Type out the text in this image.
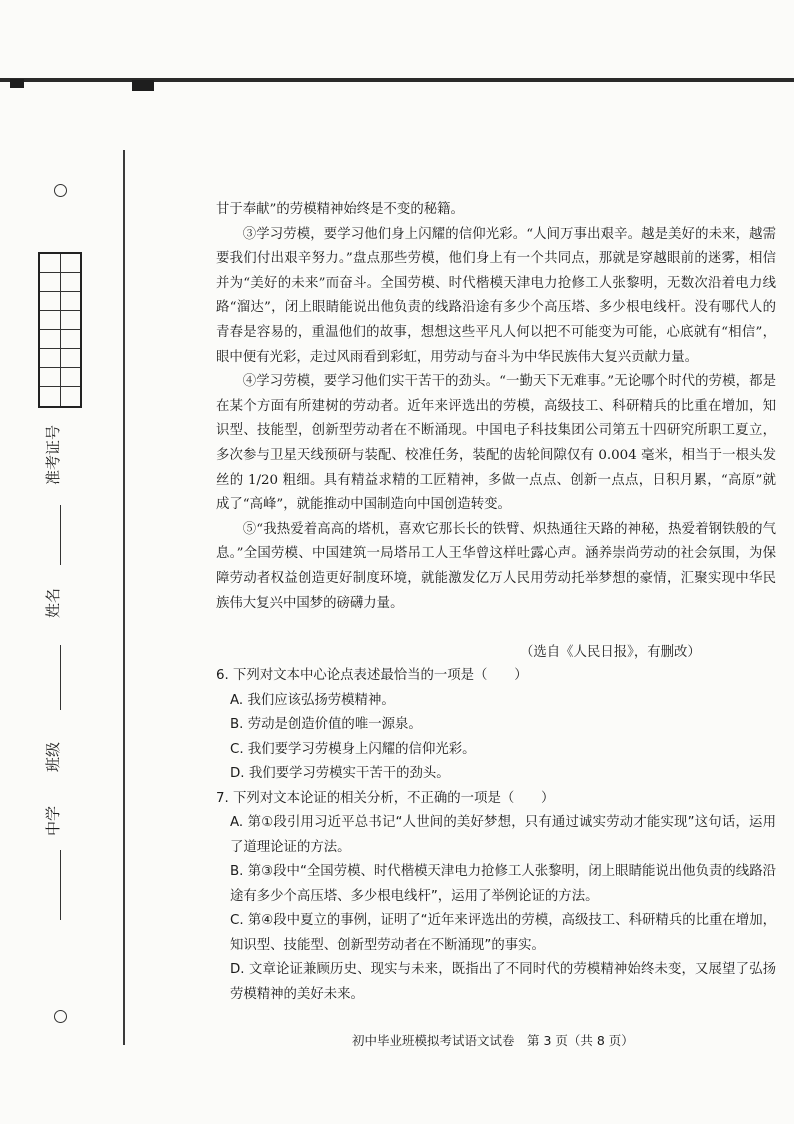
准考证号
姓名
班级
中学

甘于奉献”的劳模精神始终是不变的秘籍。

③学习劳模，要学习他们身上闪耀的信仰光彩。“人间万事出艰辛。越是美好的未来，越需要我们付出艰辛努力。”盘点那些劳模，他们身上有一个共同点，那就是穿越眼前的迷雾，相信并为“美好的未来”而奋斗。全国劳模、时代楷模天津电力抢修工人张黎明，无数次沿着电力线路“溜达”，闭上眼睛能说出他负责的线路沿途有多少个高压塔、多少根电线杆。没有哪代人的青春是容易的，重温他们的故事，想想这些平凡人何以把不可能变为可能，心底就有“相信”，眼中便有光彩，走过风雨看到彩虹，用劳动与奋斗为中华民族伟大复兴贡献力量。

④学习劳模，要学习他们实干苦干的劲头。“一勤天下无难事。”无论哪个时代的劳模，都是在某个方面有所建树的劳动者。近年来评选出的劳模，高级技工、科研精兵的比重在增加，知识型、技能型，创新型劳动者在不断涌现。中国电子科技集团公司第五十四研究所职工夏立，多次参与卫星天线预研与装配、校准任务，装配的齿轮间隙仅有 0.004 毫米，相当于一根头发丝的 1/20 粗细。具有精益求精的工匠精神，多做一点点、创新一点点，日积月累，“高原”就成了“高峰”，就能推动中国制造向中国创造转变。

⑤“我热爱着高高的塔机，喜欢它那长长的铁臂、炽热通往天路的神秘，热爱着钢铁般的气息。”全国劳模、中国建筑一局塔吊工人王华曾这样吐露心声。涵养崇尚劳动的社会氛围，为保障劳动者权益创造更好制度环境，就能激发亿万人民用劳动托举梦想的豪情，汇聚实现中华民族伟大复兴中国梦的磅礴力量。

（选自《人民日报》，有删改）
6. 下列对文本中心论点表述最恰当的一项是（　　）
A. 我们应该弘扬劳模精神。
B. 劳动是创造价值的唯一源泉。
C. 我们要学习劳模身上闪耀的信仰光彩。
D. 我们要学习劳模实干苦干的劲头。
7. 下列对文本论证的相关分析，不正确的一项是（　　）
A. 第①段引用习近平总书记“人世间的美好梦想，只有通过诚实劳动才能实现”这句话，运用了道理论证的方法。
B. 第③段中“全国劳模、时代楷模天津电力抢修工人张黎明，闭上眼睛能说出他负责的线路沿途有多少个高压塔、多少根电线杆”，运用了举例论证的方法。
C. 第④段中夏立的事例，证明了“近年来评选出的劳模，高级技工、科研精兵的比重在增加，知识型、技能型、创新型劳动者在不断涌现”的事实。
D. 文章论证兼顾历史、现实与未来，既指出了不同时代的劳模精神始终未变，又展望了弘扬劳模精神的美好未来。
初中毕业班模拟考试语文试卷　第 3 页（共 8 页）
